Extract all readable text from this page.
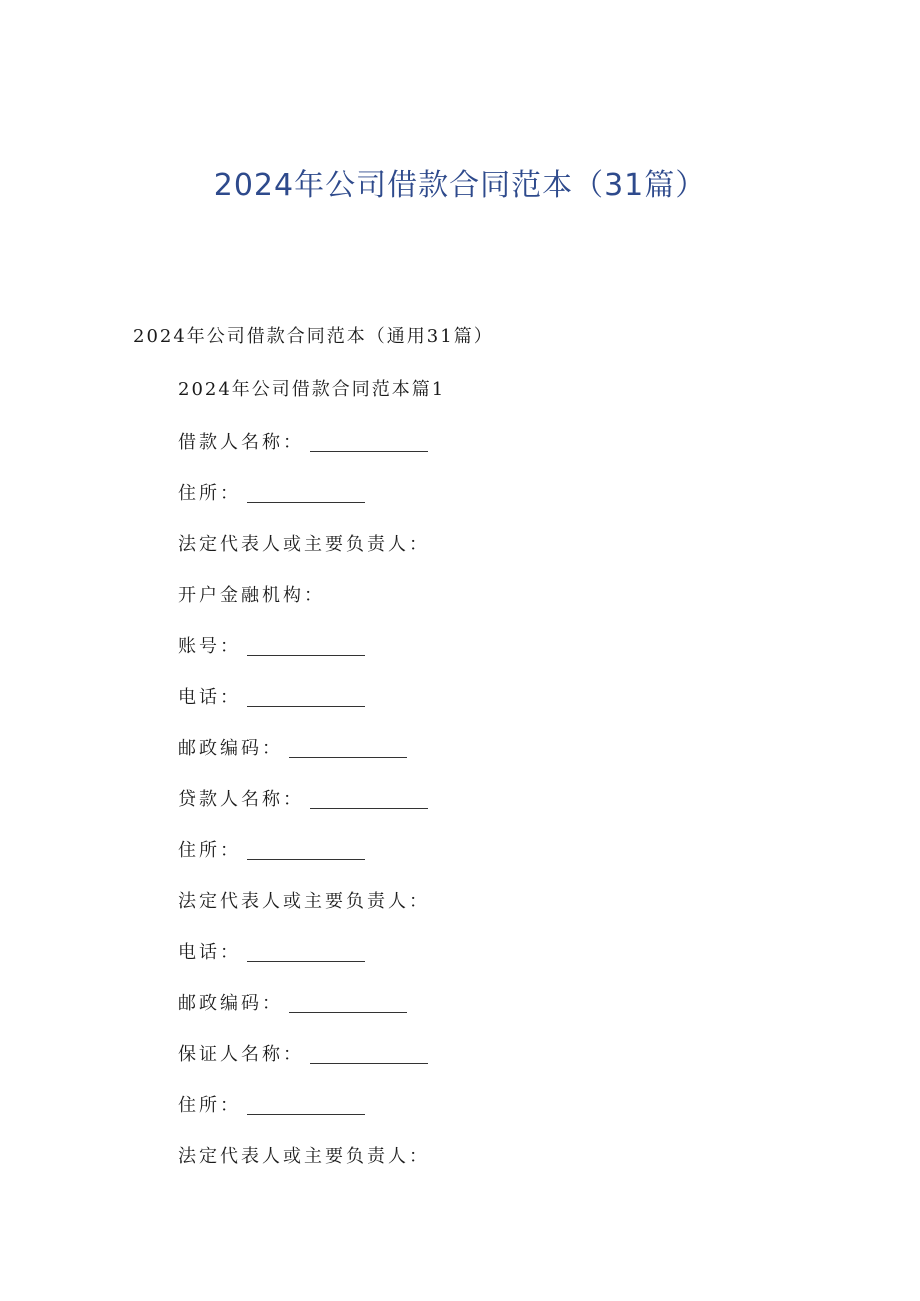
2024年公司借款合同范本（31篇）
2024年公司借款合同范本（通用31篇）
2024年公司借款合同范本篇1
借款人名称：
住所：
法定代表人或主要负责人：
开户金融机构：
账号：
电话：
邮政编码：
贷款人名称：
住所：
法定代表人或主要负责人：
电话：
邮政编码：
保证人名称：
住所：
法定代表人或主要负责人：
